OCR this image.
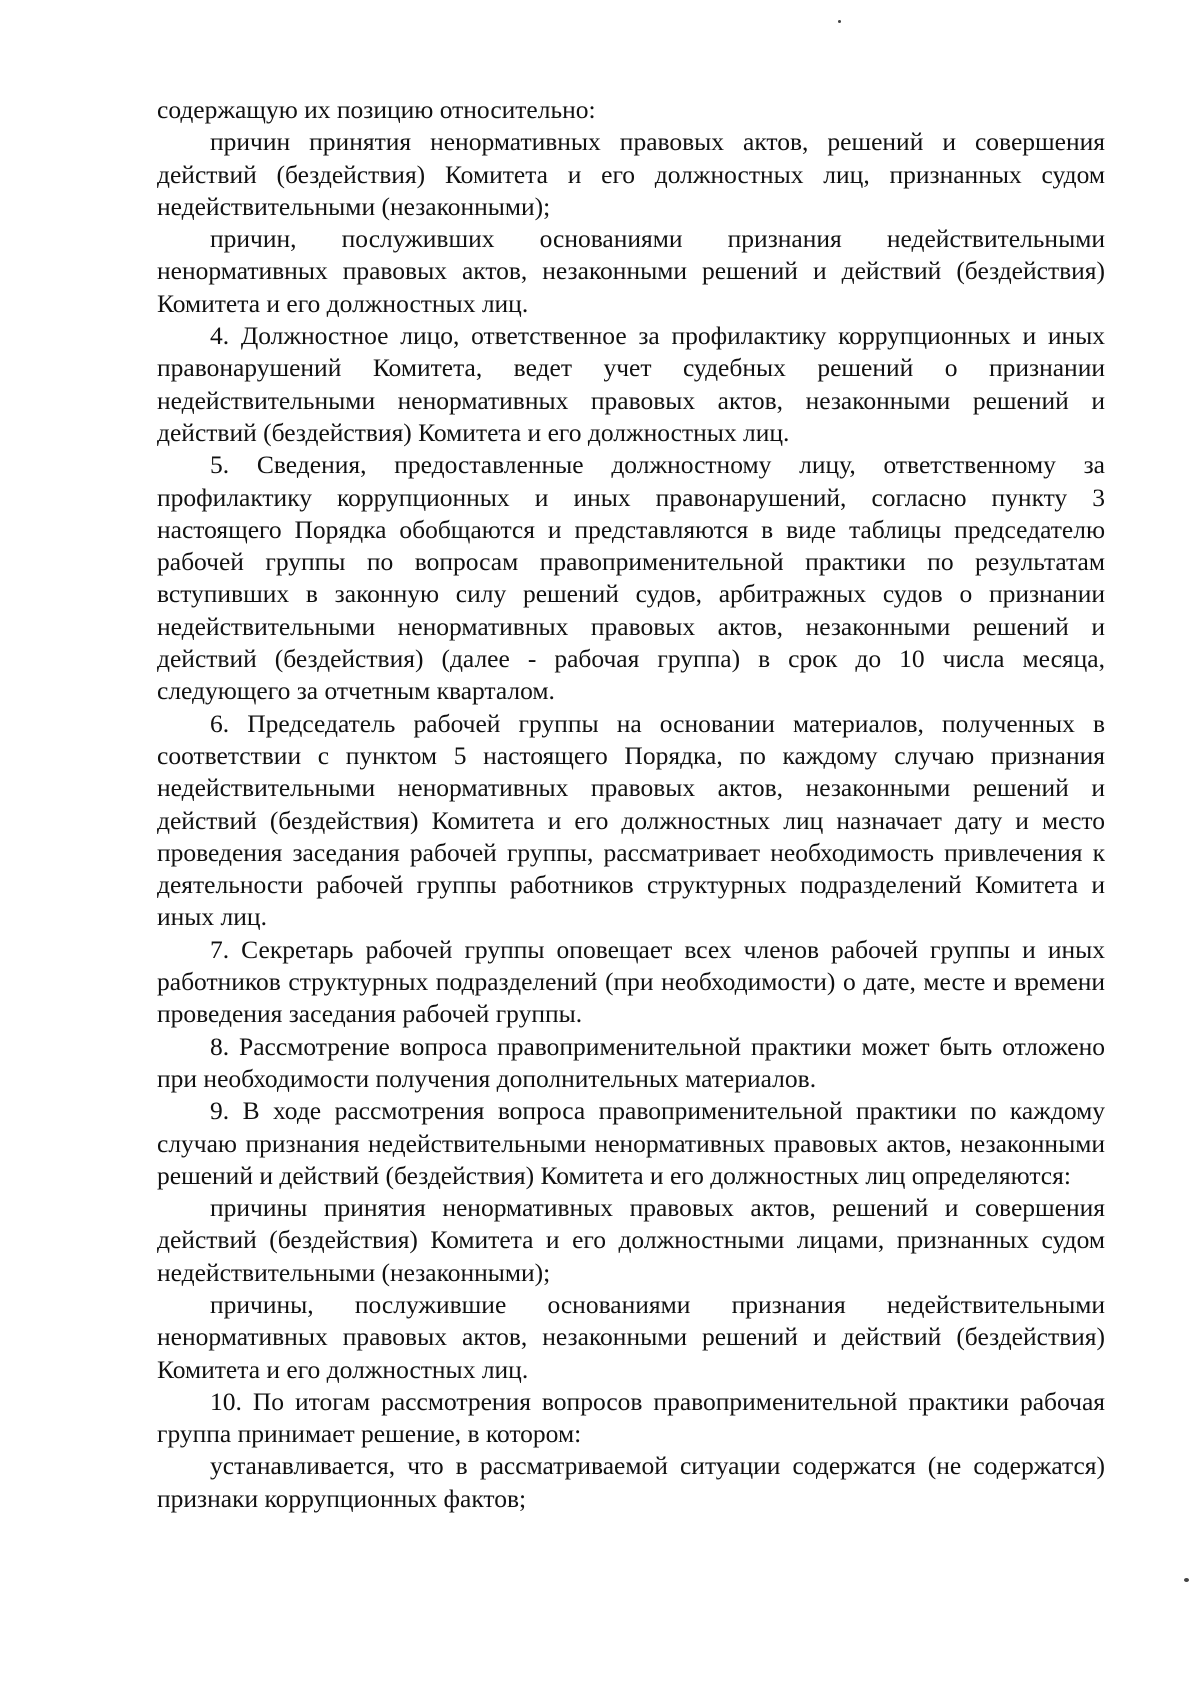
содержащую их позицию относительно:

причин принятия ненормативных правовых актов, решений и совершения действий (бездействия) Комитета и его должностных лиц, признанных судом недействительными (незаконными);

причин, послуживших основаниями признания недействительными ненормативных правовых актов, незаконными решений и действий (бездействия) Комитета и его должностных лиц.

4. Должностное лицо, ответственное за профилактику коррупционных и иных правонарушений Комитета, ведет учет судебных решений о признании недействительными ненормативных правовых актов, незаконными решений и действий (бездействия) Комитета и его должностных лиц.

5. Сведения, предоставленные должностному лицу, ответственному за профилактику коррупционных и иных правонарушений, согласно пункту 3 настоящего Порядка обобщаются и представляются в виде таблицы председателю рабочей группы по вопросам правоприменительной практики по результатам вступивших в законную силу решений судов, арбитражных судов о признании недействительными ненормативных правовых актов, незаконными решений и действий (бездействия) (далее - рабочая группа) в срок до 10 числа месяца, следующего за отчетным кварталом.

6. Председатель рабочей группы на основании материалов, полученных в соответствии с пунктом 5 настоящего Порядка, по каждому случаю признания недействительными ненормативных правовых актов, незаконными решений и действий (бездействия) Комитета и его должностных лиц назначает дату и место проведения заседания рабочей группы, рассматривает необходимость привлечения к деятельности рабочей группы работников структурных подразделений Комитета и иных лиц.

7. Секретарь рабочей группы оповещает всех членов рабочей группы и иных работников структурных подразделений (при необходимости) о дате, месте и времени проведения заседания рабочей группы.

8. Рассмотрение вопроса правоприменительной практики может быть отложено при необходимости получения дополнительных материалов.

9. В ходе рассмотрения вопроса правоприменительной практики по каждому случаю признания недействительными ненормативных правовых актов, незаконными решений и действий (бездействия) Комитета и его должностных лиц определяются:

причины принятия ненормативных правовых актов, решений и совершения действий (бездействия) Комитета и его должностными лицами, признанных судом недействительными (незаконными);

причины, послужившие основаниями признания недействительными ненормативных правовых актов, незаконными решений и действий (бездействия) Комитета и его должностных лиц.

10. По итогам рассмотрения вопросов правоприменительной практики рабочая группа принимает решение, в котором:

устанавливается, что в рассматриваемой ситуации содержатся (не содержатся) признаки коррупционных фактов;
